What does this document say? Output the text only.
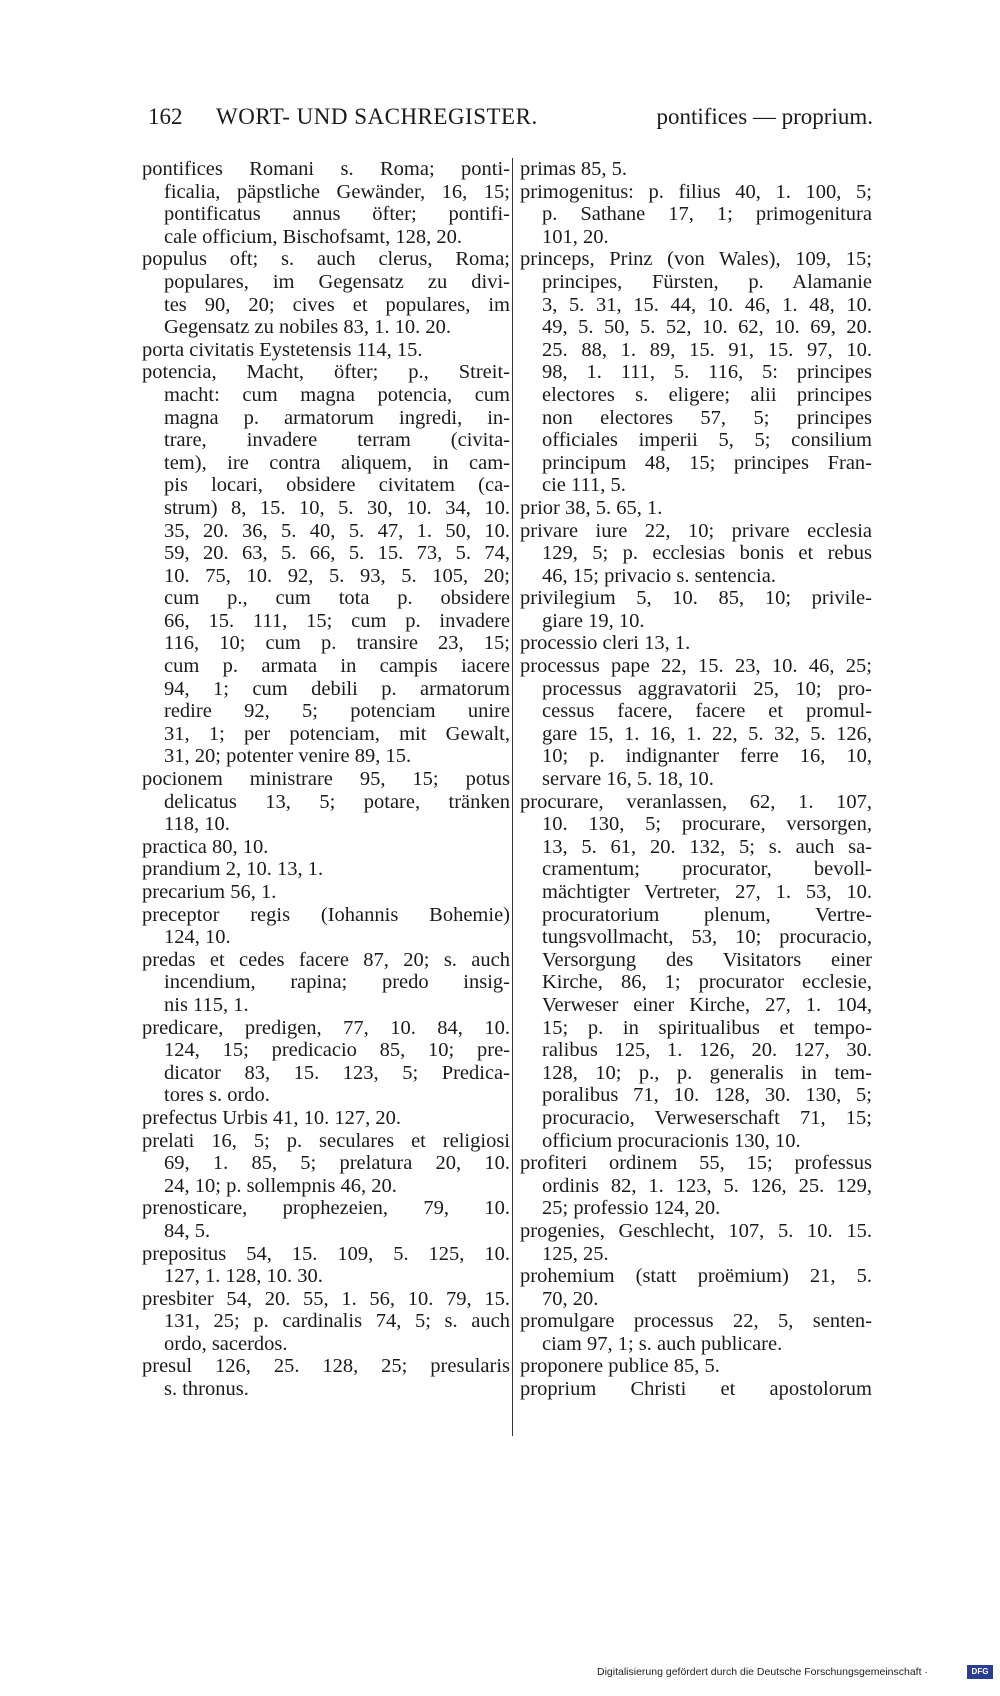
162 WORT- UND SACHREGISTER.	pontifices — proprium.
pontifices Romani s. Roma; ponti-
ficalia, päpstliche Gewänder, 16, 15;
pontificatus annus öfter; pontifi-
cale officium, Bischofsamt, 128, 20.
populus oft; s. auch clerus, Roma;
populares, im Gegensatz zu divi-
tes 90, 20; cives et populares, im
Gegensatz zu nobiles 83, 1. 10. 20.
porta civitatis Eystetensis 114, 15.
potencia, Macht, öfter; p., Streit-
macht: cum magna potencia, cum
magna p. armatorum ingredi, in-
trare, invadere terram (civita-
tem), ire contra aliquem, in cam-
pis locari, obsidere civitatem (ca-
strum) 8, 15. 10, 5. 30, 10. 34, 10.
35, 20. 36, 5. 40, 5. 47, 1. 50, 10.
59, 20. 63, 5. 66, 5. 15. 73, 5. 74,
10. 75, 10. 92, 5. 93, 5. 105, 20;
cum p., cum tota p. obsidere
66, 15. 111, 15; cum p. invadere
116, 10; cum p. transire 23, 15;
cum p. armata in campis iacere
94, 1; cum debili p. armatorum
redire 92, 5; potenciam unire
31, 1; per potenciam, mit Gewalt,
31, 20; potenter venire 89, 15.
pocionem ministrare 95, 15; potus
delicatus 13, 5; potare, tränken
118, 10.
practica 80, 10.
prandium 2, 10. 13, 1.
precarium 56, 1.
preceptor regis (Iohannis Bohemie)
124, 10.
predas et cedes facere 87, 20; s. auch
incendium, rapina; predo insig-
nis 115, 1.
predicare, predigen, 77, 10. 84, 10.
124, 15; predicacio 85, 10; pre-
dicator 83, 15. 123, 5; Predica-
tores s. ordo.
prefectus Urbis 41, 10. 127, 20.
prelati 16, 5; p. seculares et religiosi
69, 1. 85, 5; prelatura 20, 10.
24, 10; p. sollempnis 46, 20.
prenosticare, prophezeien, 79, 10.
84, 5.
prepositus 54, 15. 109, 5. 125, 10.
127, 1. 128, 10. 30.
presbiter 54, 20. 55, 1. 56, 10. 79, 15.
131, 25; p. cardinalis 74, 5; s. auch
ordo, sacerdos.
presul 126, 25. 128, 25; presularis
s. thronus.
primas 85, 5.
primogenitus: p. filius 40, 1. 100, 5;
p. Sathane 17, 1; primogenitura
101, 20.
princeps, Prinz (von Wales), 109, 15;
principes, Fürsten, p. Alamanie
3, 5. 31, 15. 44, 10. 46, 1. 48, 10.
49, 5. 50, 5. 52, 10. 62, 10. 69, 20.
25. 88, 1. 89, 15. 91, 15. 97, 10.
98, 1. 111, 5. 116, 5: principes
electores s. eligere; alii principes
non electores 57, 5; principes
officiales imperii 5, 5; consilium
principum 48, 15; principes Fran-
cie 111, 5.
prior 38, 5. 65, 1.
privare iure 22, 10; privare ecclesia
129, 5; p. ecclesias bonis et rebus
46, 15; privacio s. sentencia.
privilegium 5, 10. 85, 10; privile-
giare 19, 10.
processio cleri 13, 1.
processus pape 22, 15. 23, 10. 46, 25;
processus aggravatorii 25, 10; pro-
cessus facere, facere et promul-
gare 15, 1. 16, 1. 22, 5. 32, 5. 126,
10; p. indignanter ferre 16, 10,
servare 16, 5. 18, 10.
procurare, veranlassen, 62, 1. 107,
10. 130, 5; procurare, versorgen,
13, 5. 61, 20. 132, 5; s. auch sa-
cramentum; procurator, bevoll-
mächtigter Vertreter, 27, 1. 53, 10.
procuratorium plenum, Vertre-
tungsvollmacht, 53, 10; procuracio,
Versorgung des Visitators einer
Kirche, 86, 1; procurator ecclesie,
Verweser einer Kirche, 27, 1. 104,
15; p. in spiritualibus et tempo-
ralibus 125, 1. 126, 20. 127, 30.
128, 10; p., p. generalis in tem-
poralibus 71, 10. 128, 30. 130, 5;
procuracio, Verweserschaft 71, 15;
officium procuracionis 130, 10.
profiteri ordinem 55, 15; professus
ordinis 82, 1. 123, 5. 126, 25. 129,
25; professio 124, 20.
progenies, Geschlecht, 107, 5. 10. 15.
125, 25.
prohemium (statt proëmium) 21, 5.
70, 20.
promulgare processus 22, 5, senten-
ciam 97, 1; s. auch publicare.
proponere publice 85, 5.
proprium Christi et apostolorum
Digitalisierung gefördert durch die Deutsche Forschungsgemeinschaft ·	DFG
